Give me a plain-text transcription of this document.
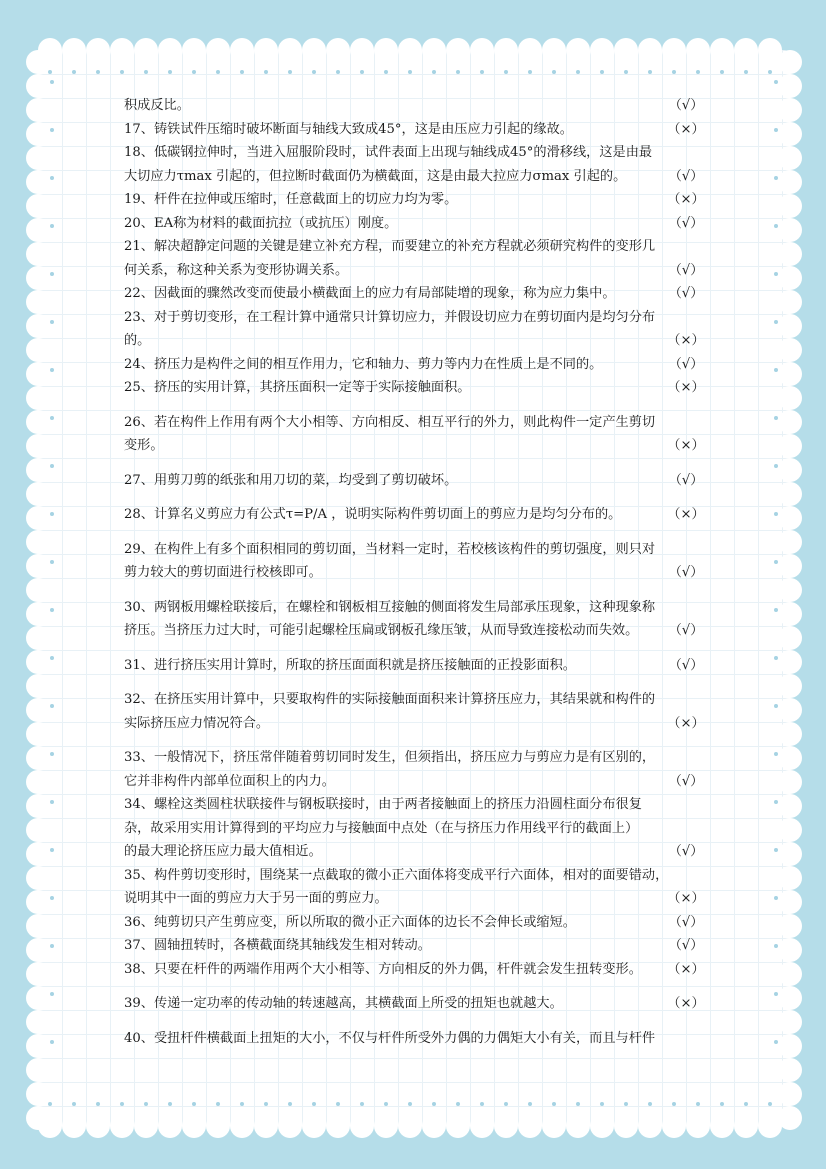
积成反比。	（√）
17、铸铁试件压缩时破坏断面与轴线大致成45°，这是由压应力引起的缘故。	（×）
18、低碳钢拉伸时，当进入屈服阶段时，试件表面上出现与轴线成45°的滑移线，这是由最
大切应力τmax 引起的，但拉断时截面仍为横截面，这是由最大拉应力σmax 引起的。	（√）
19、杆件在拉伸或压缩时，任意截面上的切应力均为零。	（×）
20、EA称为材料的截面抗拉（或抗压）刚度。	（√）
21、解决超静定问题的关键是建立补充方程，而要建立的补充方程就必须研究构件的变形几
何关系，称这种关系为变形协调关系。	（√）
22、因截面的骤然改变而使最小横截面上的应力有局部陡增的现象，称为应力集中。	（√）
23、对于剪切变形，在工程计算中通常只计算切应力，并假设切应力在剪切面内是均匀分布
的。	（×）
24、挤压力是构件之间的相互作用力，它和轴力、剪力等内力在性质上是不同的。	（√）
25、挤压的实用计算，其挤压面积一定等于实际接触面积。	（×）
26、若在构件上作用有两个大小相等、方向相反、相互平行的外力，则此构件一定产生剪切
变形。	（×）
27、用剪刀剪的纸张和用刀切的菜，均受到了剪切破坏。	（√）
28、计算名义剪应力有公式τ=P/A ，说明实际构件剪切面上的剪应力是均匀分布的。	（×）
29、在构件上有多个面积相同的剪切面，当材料一定时，若校核该构件的剪切强度，则只对
剪力较大的剪切面进行校核即可。	（√）
30、两钢板用螺栓联接后，在螺栓和钢板相互接触的侧面将发生局部承压现象，这种现象称
挤压。当挤压力过大时，可能引起螺栓压扁或钢板孔缘压皱，从而导致连接松动而失效。 （√）
31、进行挤压实用计算时，所取的挤压面面积就是挤压接触面的正投影面积。	（√）
32、在挤压实用计算中，只要取构件的实际接触面面积来计算挤压应力，其结果就和构件的
实际挤压应力情况符合。	（×）
33、一般情况下，挤压常伴随着剪切同时发生，但须指出，挤压应力与剪应力是有区别的，
它并非构件内部单位面积上的内力。	（√）
34、螺栓这类圆柱状联接件与钢板联接时，由于两者接触面上的挤压力沿圆柱面分布很复
杂，故采用实用计算得到的平均应力与接触面中点处（在与挤压力作用线平行的截面上）
的最大理论挤压应力最大值相近。	（√）
35、构件剪切变形时，围绕某一点截取的微小正六面体将变成平行六面体，相对的面要错动，
说明其中一面的剪应力大于另一面的剪应力。	（×）
36、纯剪切只产生剪应变，所以所取的微小正六面体的边长不会伸长或缩短。	（√）
37、圆轴扭转时，各横截面绕其轴线发生相对转动。	（√）
38、只要在杆件的两端作用两个大小相等、方向相反的外力偶，杆件就会发生扭转变形。 （×）
39、传递一定功率的传动轴的转速越高，其横截面上所受的扭矩也就越大。	（×）
40、受扭杆件横截面上扭矩的大小，不仅与杆件所受外力偶的力偶矩大小有关，而且与杆件
